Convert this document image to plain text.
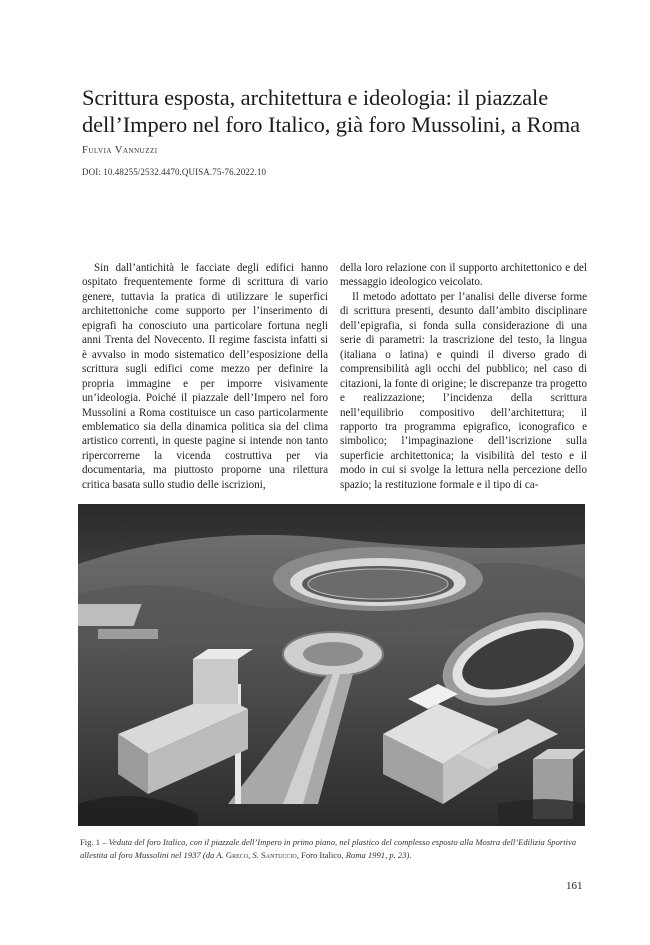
Scrittura esposta, architettura e ideologia: il piazzale dell’Impero nel foro Italico, già foro Mussolini, a Roma
Fulvia Vannuzzi
DOI: 10.48255/2532.4470.QUISA.75-76.2022.10

Sin dall’antichità le facciate degli edifici hanno ospitato frequentemente forme di scrittura di vario genere, tuttavia la pratica di utilizzare le superfici architettoniche come supporto per l’inserimento di epigrafi ha conosciuto una particolare fortuna negli anni Trenta del Novecento. Il regime fascista infatti si è avvalso in modo sistematico dell’esposizione della scrittura sugli edifici come mezzo per definire la propria immagine e per imporre visivamente un’ideologia. Poiché il piazzale dell’Impero nel foro Mussolini a Roma costituisce un caso particolarmente emblematico sia della dinamica politica sia del clima artistico correnti, in queste pagine si intende non tanto ripercorrerne la vicenda costruttiva per via documentaria, ma piuttosto proporne una rilettura critica basata sullo studio delle iscrizioni,

della loro relazione con il supporto architettonico e del messaggio ideologico veicolato.

Il metodo adottato per l’analisi delle diverse forme di scrittura presenti, desunto dall’ambito disciplinare dell’epigrafia, si fonda sulla considerazione di una serie di parametri: la trascrizione del testo, la lingua (italiana o latina) e quindi il diverso grado di comprensibilità agli occhi del pubblico; nel caso di citazioni, la fonte di origine; le discrepanze tra progetto e realizzazione; l’incidenza della scrittura nell’equilibrio compositivo dell’architettura; il rapporto tra programma epigrafico, iconografico e simbolico; l’impaginazione dell’iscrizione sulla superficie architettonica; la visibilità del testo e il modo in cui si svolge la lettura nella percezione dello spazio; la restituzione formale e il tipo di ca-

Fig. 1 – Veduta del foro Italico, con il piazzale dell’Impero in primo piano, nel plastico del complesso esposto alla Mostra dell’Edilizia Sportiva allestita al foro Mussolini nel 1937 (da A. Greco, S. Santuccio, Foro Italico, Roma 1991, p. 23).

161
